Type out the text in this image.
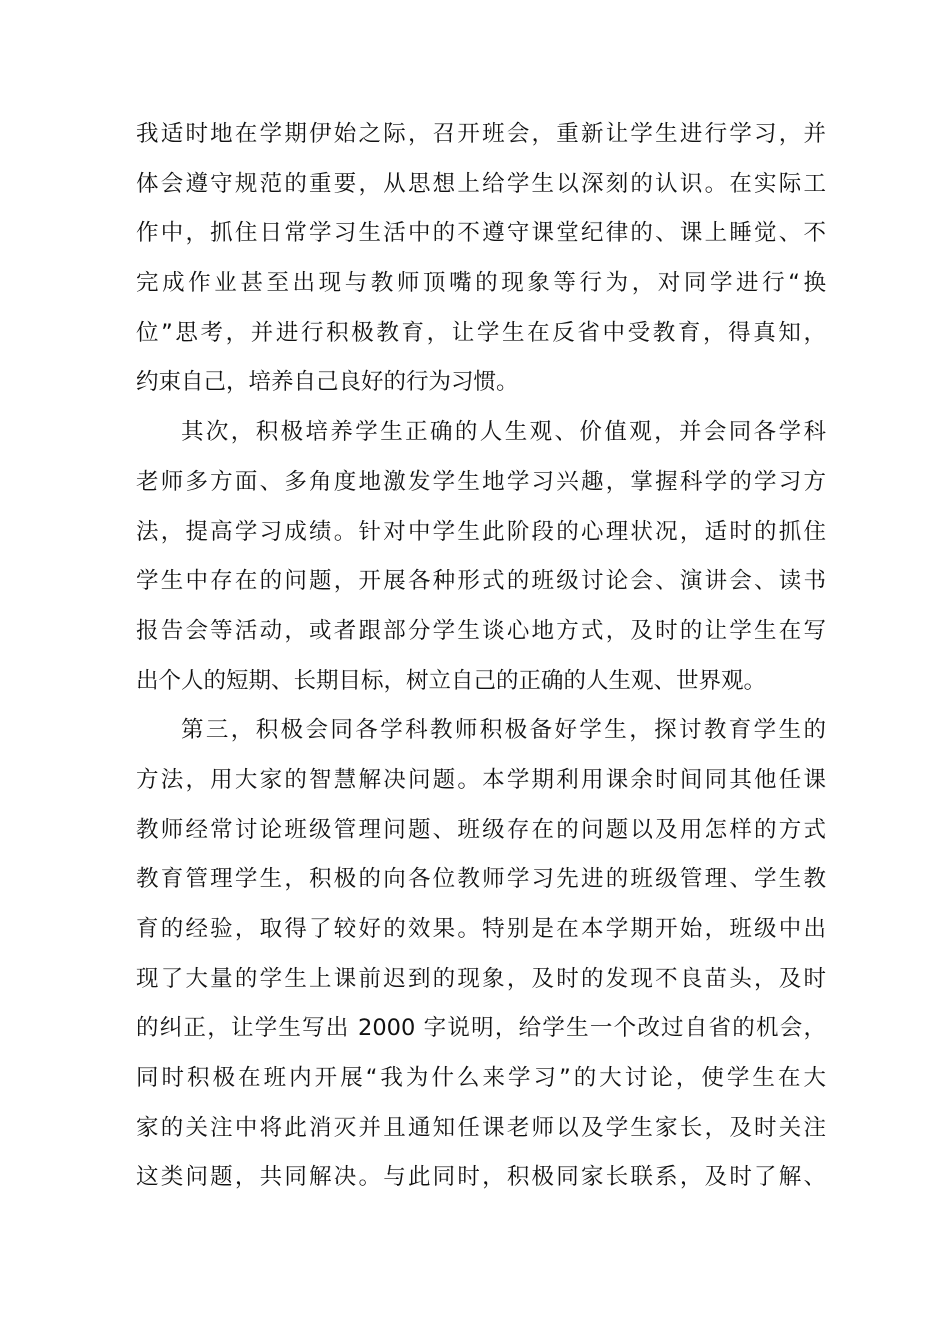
我适时地在学期伊始之际，召开班会，重新让学生进行学习，并
体会遵守规范的重要，从思想上给学生以深刻的认识。在实际工
作中，抓住日常学习生活中的不遵守课堂纪律的、课上睡觉、不
完成作业甚至出现与教师顶嘴的现象等行为，对同学进行“换
位”思考，并进行积极教育，让学生在反省中受教育，得真知，
约束自己，培养自己良好的行为习惯。
其次，积极培养学生正确的人生观、价值观，并会同各学科
老师多方面、多角度地激发学生地学习兴趣，掌握科学的学习方
法，提高学习成绩。针对中学生此阶段的心理状况，适时的抓住
学生中存在的问题，开展各种形式的班级讨论会、演讲会、读书
报告会等活动，或者跟部分学生谈心地方式，及时的让学生在写
出个人的短期、长期目标，树立自己的正确的人生观、世界观。
第三，积极会同各学科教师积极备好学生，探讨教育学生的
方法，用大家的智慧解决问题。本学期利用课余时间同其他任课
教师经常讨论班级管理问题、班级存在的问题以及用怎样的方式
教育管理学生，积极的向各位教师学习先进的班级管理、学生教
育的经验，取得了较好的效果。特别是在本学期开始，班级中出
现了大量的学生上课前迟到的现象，及时的发现不良苗头，及时
的纠正，让学生写出 2000 字说明，给学生一个改过自省的机会，
同时积极在班内开展“我为什么来学习”的大讨论，使学生在大
家的关注中将此消灭并且通知任课老师以及学生家长，及时关注
这类问题，共同解决。与此同时，积极同家长联系，及时了解、
